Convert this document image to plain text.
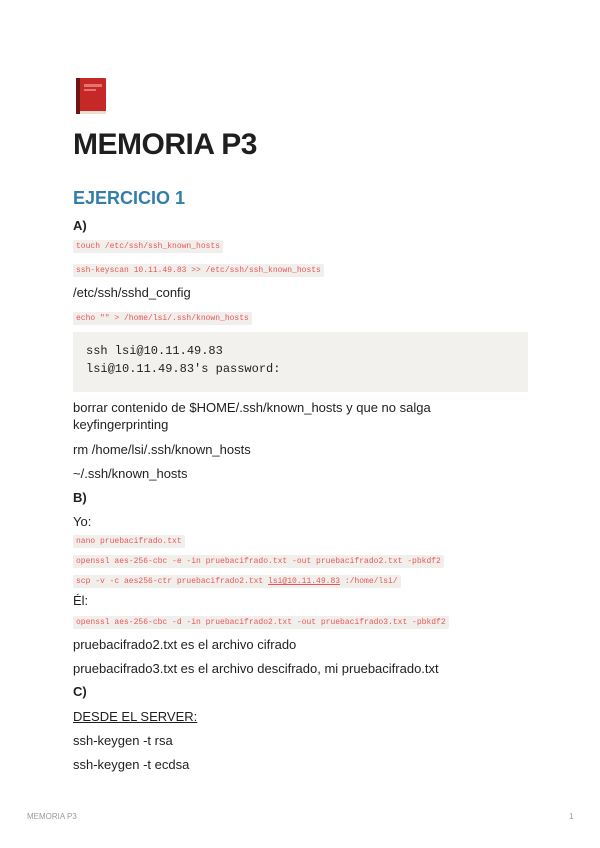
MEMORIA P3
EJERCICIO 1
A)
touch /etc/ssh/ssh_known_hosts
ssh-keyscan 10.11.49.83 >> /etc/ssh/ssh_known_hosts
/etc/ssh/sshd_config
echo "" > /home/lsi/.ssh/known_hosts
ssh lsi@10.11.49.83
lsi@10.11.49.83's password:
borrar contenido de $HOME/.ssh/known_hosts y que no salga keyfingerprinting
rm /home/lsi/.ssh/known_hosts
~/.ssh/known_hosts
B)
Yo:
nano pruebacifrado.txt
openssl aes-256-cbc -e -in pruebacifrado.txt -out pruebacifrado2.txt -pbkdf2
scp -v -c aes256-ctr pruebacifrado2.txt lsi@10.11.49.83 :/home/lsi/
Él:
openssl aes-256-cbc -d -in pruebacifrado2.txt -out pruebacifrado3.txt -pbkdf2
pruebacifrado2.txt es el archivo cifrado
pruebacifrado3.txt es el archivo descifrado, mi pruebacifrado.txt
C)
DESDE EL SERVER:
ssh-keygen -t rsa
ssh-keygen -t ecdsa
MEMORIA P3	1
